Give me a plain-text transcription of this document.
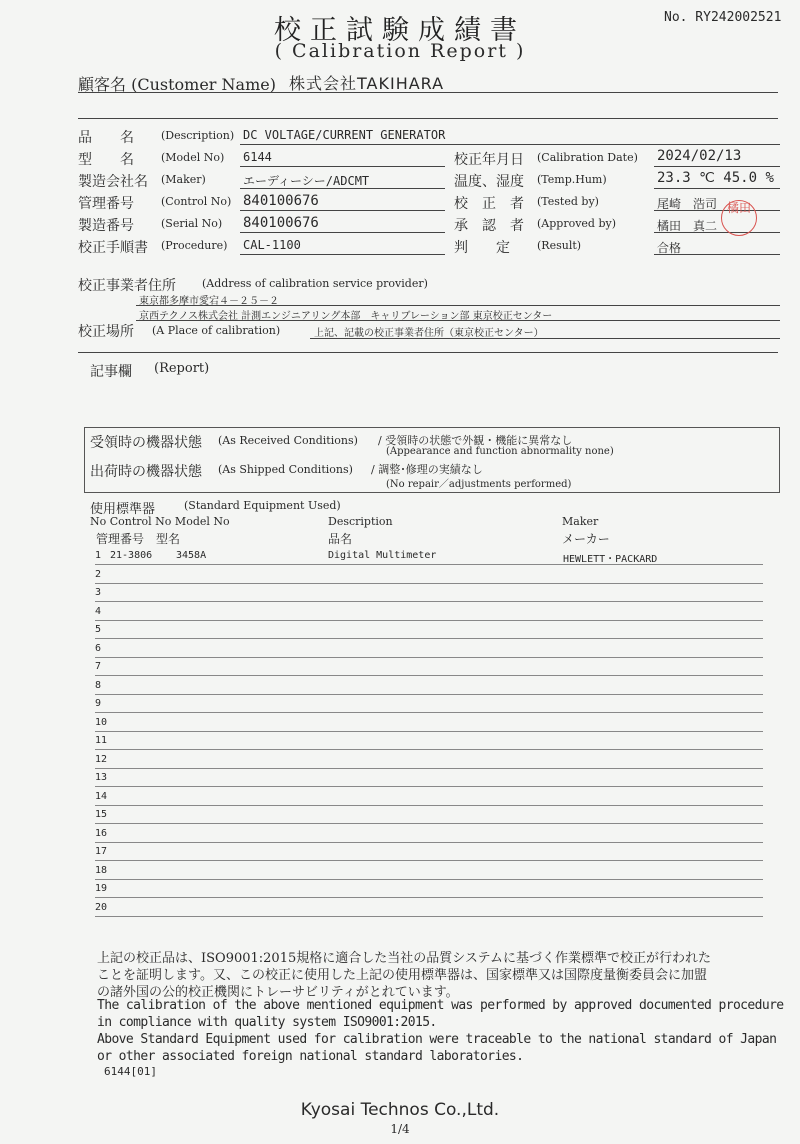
校正試験成績書
( Calibration Report )
No. RY242002521
顧客名 (Customer Name) 株式会社TAKIHARA
品　　名 (Description) DC VOLTAGE/CURRENT GENERATOR
型　　名 (Model No) 6144
製造会社名 (Maker)	エーディーシー/ADCMT
管理番号 (Control No) 840100676
製造番号 (Serial No) 840100676
校正手順書 (Procedure) CAL-1100
校正年月日 (Calibration Date) 2024/02/13
温度、湿度 (Temp.Hum)	23.3 ℃ 45.0 %
校　正　者 (Tested by)	尾崎　浩司
承　認　者 (Approved by)	橘田　真二
橘田
判　　定 (Result)	合格
校正事業者住所 (Address of calibration service provider)
東京都多摩市愛宕４－２５－２
京西テクノス株式会社 計測エンジニアリング本部　キャリブレーション部 東京校正センター
校正場所 (A Place of calibration)	上記、記載の校正事業者住所（東京校正センター）
記事欄 (Report)
受領時の機器状態 (As Received Conditions) / 受領時の状態で外観・機能に異常なし
(Appearance and function abnormality none)
出荷時の機器状態 (As Shipped Conditions) / 調整･修理の実績なし
(No repair／adjustments performed)
使用標準器	(Standard Equipment Used)
No Control No Model No	Description	Maker
管理番号　型名	品名	メーカー
1 21-3806 3458A	Digital Multimeter	HEWLETT・PACKARD
2
3
4
5
6
7
8
9
10
11
12
13
14
15
16
17
18
19
20
上記の校正品は、ISO9001:2015規格に適合した当社の品質システムに基づく作業標準で校正が行われた
ことを証明します。又、この校正に使用した上記の使用標準器は、国家標準又は国際度量衡委員会に加盟
の諸外国の公的校正機関にトレーサビリティがとれています。
The calibration of the above mentioned equipment was performed by approved documented procedure
in compliance with quality system ISO9001:2015.
Above Standard Equipment used for calibration were traceable to the national standard of Japan
or other associated foreign national standard laboratories.
6144[01]
Kyosai Technos Co.,Ltd.
1/4
